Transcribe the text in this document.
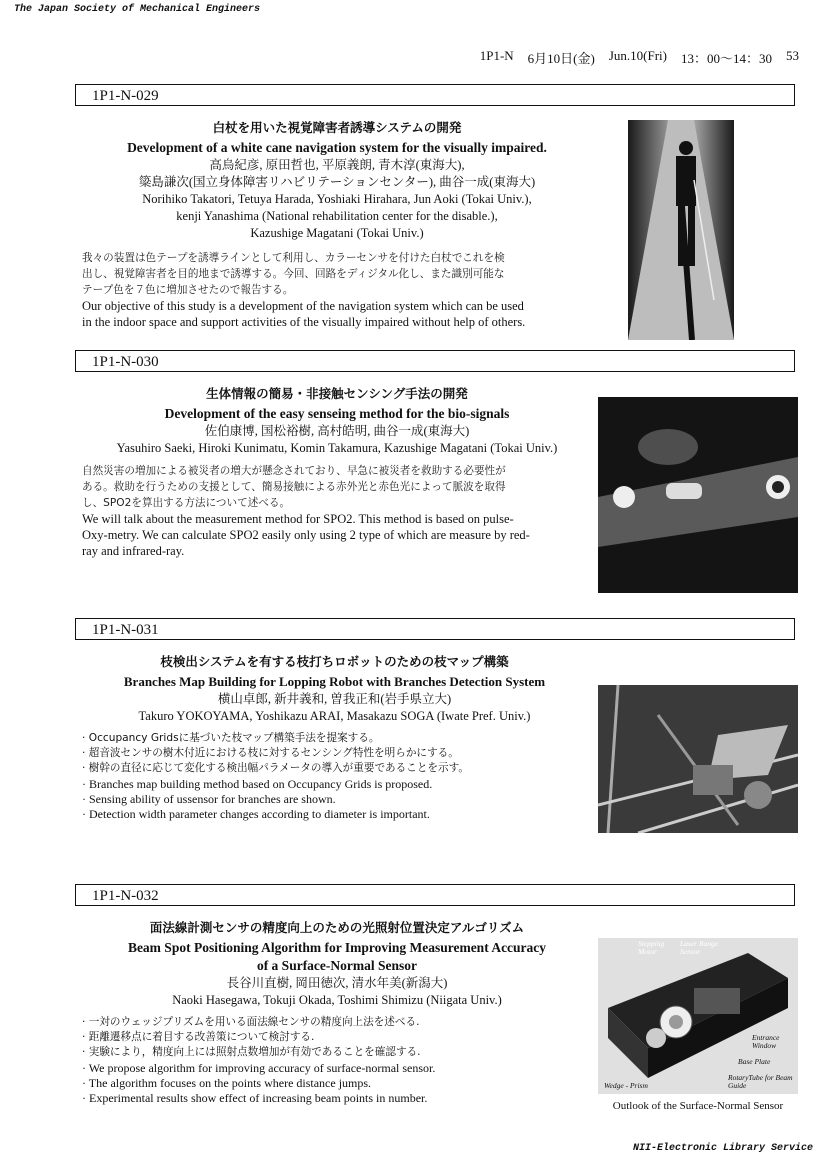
The Japan Society of Mechanical Engineers
1P1-N 6月10日(金) Jun.10(Fri) 13：00～14：30 53
1P1-N-029
白杖を用いた視覚障害者誘導システムの開発
Development of a white cane navigation system for the visually impaired.
高烏紀彦, 原田哲也, 平原義朗, 青木淳(東海大),
簗島謙次(国立身体障害リハビリテーションセンター), 曲谷一成(東海大)
Norihiko Takatori, Tetuya Harada, Yoshiaki Hirahara, Jun Aoki (Tokai Univ.),
kenji Yanashima (National rehabilitation center for the disable.),
Kazushige Magatani (Tokai Univ.)
我々の装置は色テープを誘導ラインとして利用し、カラーセンサを付けた白杖でこれを検
出し、視覚障害者を目的地まで誘導する。今回、回路をディジタル化し、また識別可能な
テープ色を７色に増加させたので報告する。
Our objective of this study is a development of the navigation system which can be used
in the indoor space and support activities of the visually impaired without help of others.
1P1-N-030
生体情報の簡易・非接触センシング手法の開発
Development of the easy senseing method for the bio-signals
佐伯康博, 国松裕樹, 高村皓明, 曲谷一成(東海大)
Yasuhiro Saeki, Hiroki Kunimatu, Komin Takamura, Kazushige Magatani (Tokai Univ.)
自然災害の増加による被災者の増大が懸念されており、早急に被災者を救助する必要性が
ある。救助を行うための支援として、簡易接触による赤外光と赤色光によって脈波を取得
し、SPO2を算出する方法について述べる。
We will talk about the measurement method for SPO2. This method is based on pulse-
Oxy-metry. We can calculate SPO2 easily only using 2 type of which are measure by red-
ray and infrared-ray.
1P1-N-031
枝検出システムを有する枝打ちロボットのための枝マップ構築
Branches Map Building for Lopping Robot with Branches Detection System
横山卓郎, 新井義和, 曽我正和(岩手県立大)
Takuro YOKOYAMA, Yoshikazu ARAI, Masakazu SOGA (Iwate Pref. Univ.)
· Occupancy Gridsに基づいた枝マップ構築手法を提案する。
· 超音波センサの樹木付近における枝に対するセンシング特性を明らかにする。
· 樹幹の直径に応じて変化する検出幅パラメータの導入が重要であることを示す。
· Branches map building method based on Occupancy Grids is proposed.
· Sensing ability of ussensor for branches are shown.
· Detection width parameter changes according to diameter is important.
1P1-N-032
面法線計測センサの精度向上のための光照射位置決定アルゴリズム
Beam Spot Positioning Algorithm for Improving Measurement Accuracy
of a Surface-Normal Sensor
長谷川直樹, 岡田徳次, 清水年美(新潟大)
Naoki Hasegawa, Tokuji Okada, Toshimi Shimizu (Niigata Univ.)
· 一対のウェッジプリズムを用いる面法線センサの精度向上法を述べる.
· 距離遷移点に着目する改善策について検討する.
· 実験により，精度向上には照射点数増加が有効であることを確認する.
· We propose algorithm for improving accuracy of surface-normal sensor.
· The algorithm focuses on the points where distance jumps.
· Experimental results show effect of increasing beam points in number.
Stepping Motor
Laser Range Sensor
Entrance Window
Base Plate
RotaryTube for Beam Guide
Wedge - Prism
Outlook of the Surface-Normal Sensor
NII-Electronic Library Service
